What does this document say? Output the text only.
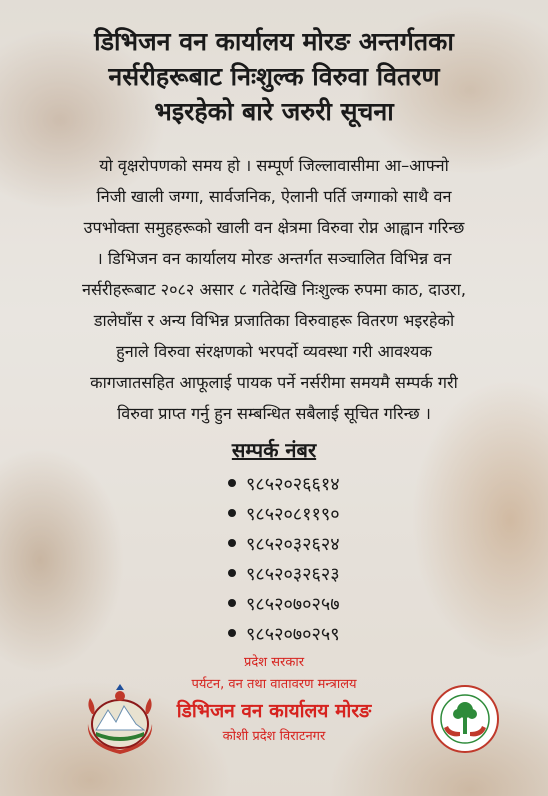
डिभिजन वन कार्यालय मोरङ अन्तर्गतका
नर्सरीहरूबाट निःशुल्क विरुवा वितरण
भइरहेको बारे जरुरी सूचना

यो वृक्षरोपणको समय हो । सम्पूर्ण जिल्लावासीमा आ–आफ्नो
निजी खाली जग्गा, सार्वजनिक, ऐलानी पर्ति जग्गाको साथै वन
उपभोक्ता समुहहरूको खाली वन क्षेत्रमा विरुवा रोप्न आह्वान गरिन्छ
। डिभिजन वन कार्यालय मोरङ अन्तर्गत सञ्चालित विभिन्न वन
नर्सरीहरूबाट २०८२ असार ८ गतेदेखि निःशुल्क रुपमा काठ, दाउरा,
डालेघाँस र अन्य विभिन्न प्रजातिका विरुवाहरू वितरण भइरहेको
हुनाले विरुवा संरक्षणको भरपर्दो व्यवस्था गरी आवश्यक
कागजातसहित आफूलाई पायक पर्ने नर्सरीमा समयमै सम्पर्क गरी
विरुवा प्राप्त गर्नु हुन सम्बन्धित सबैलाई सूचित गरिन्छ ।

सम्पर्क नंबर
९८५२०२६६१४
९८५२०८११९०
९८५२०३२६२४
९८५२०३२६२३
९८५२०७०२५७
९८५२०७०२५९
प्रदेश सरकार
पर्यटन, वन तथा वातावरण मन्त्रालय
डिभिजन वन कार्यालय मोरङ
कोशी प्रदेश विराटनगर
